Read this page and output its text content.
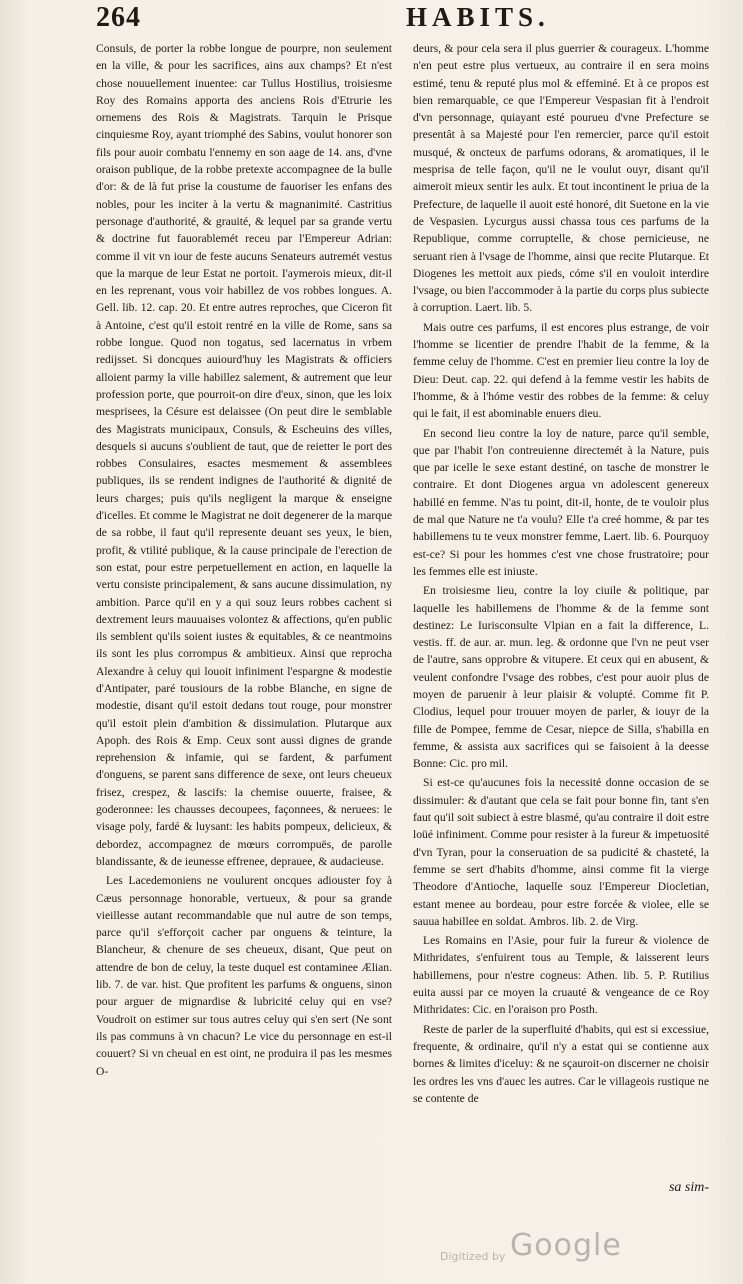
264	HABITS.

Consuls, de porter la robbe longue de pourpre, non seulement en la ville, & pour les sacrifices, ains aux champs? Et n'est chose nouuellement inuentee: car Tullus Hostilius, troisiesme Roy des Romains apporta des anciens Rois d'Etrurie les ornemens des Rois & Magistrats. Tarquin le Prisque cinquiesme Roy, ayant triomphé des Sabins, voulut honorer son fils pour auoir combatu l'ennemy en son aage de 14. ans, d'vne oraison publique, de la robbe pretexte accompagnee de la bulle d'or: & de là fut prise la coustume de fauoriser les enfans des nobles, pour les inciter à la vertu & magnanimité. Castritius personage d'authorité, & grauité, & lequel par sa grande vertu & doctrine fut fauorablemét receu par l'Empereur Adrian: comme il vit vn iour de feste aucuns Senateurs autremét vestus que la marque de leur Estat ne portoit. I'aymerois mieux, dit-il en les reprenant, vous voir habillez de vos robbes longues. A. Gell. lib. 12. cap. 20. Et entre autres reproches, que Ciceron fit à Antoine, c'est qu'il estoit rentré en la ville de Rome, sans sa robbe longue. Quod non togatus, sed lacernatus in vrbem redijsset. Si doncques auiourd'huy les Magistrats & officiers alloient parmy la ville habillez salement, & autrement que leur profession porte, que pourroit-on dire d'eux, sinon, que les loix mesprisees, la Césure est delaissee (On peut dire le semblable des Magistrats municipaux, Consuls, & Escheuins des villes, desquels si aucuns s'oublient de taut, que de reietter le port des robbes Consulaires, esactes mesmement & assemblees publiques, ils se rendent indignes de l'authorité & dignité de leurs charges; puis qu'ils negligent la marque & enseigne d'icelles. Et comme le Magistrat ne doit degenerer de la marque de sa robbe, il faut qu'il represente deuant ses yeux, le bien, profit, & vtilité publique, & la cause principale de l'erection de son estat, pour estre perpetuellement en action, en laquelle la vertu consiste principalement, & sans aucune dissimulation, ny ambition. Parce qu'il en y a qui souz leurs robbes cachent si dextrement leurs mauuaises volontez & affections, qu'en public ils semblent qu'ils soient iustes & equitables, & ce neantmoins ils sont les plus corrompus & ambitieux. Ainsi que reprocha Alexandre à celuy qui louoit infiniment l'espargne & modestie d'Antipater, paré tousiours de la robbe Blanche, en signe de modestie, disant qu'il estoit dedans tout rouge, pour monstrer qu'il estoit plein d'ambition & dissimulation. Plutarque aux Apoph. des Rois & Emp. Ceux sont aussi dignes de grande reprehension & infamie, qui se fardent, & parfument d'onguens, se parent sans difference de sexe, ont leurs cheueux frisez, crespez, & lascifs: la chemise ouuerte, fraisee, & goderonnee: les chausses decoupees, façonnees, & neruees: le visage poly, fardé & luysant: les habits pompeux, delicieux, & debordez, accompagnez de mœurs corrompuës, de parolle blandissante, & de ieunesse effrenee, deprauee, & audacieuse.

Les Lacedemoniens ne voulurent oncques adiouster foy à Cæus personnage honorable, vertueux, & pour sa grande vieillesse autant recommandable que nul autre de son temps, parce qu'il s'efforçoit cacher par onguens & teinture, la Blancheur, & chenure de ses cheueux, disant, Que peut on attendre de bon de celuy, la teste duquel est contaminee Ælian. lib. 7. de var. hist. Que profitent les parfums & onguens, sinon pour arguer de mignardise & lubricité celuy qui en vse? Voudroit on estimer sur tous autres celuy qui s'en sert (Ne sont ils pas communs à vn chacun? Le vice du personnage en est-il couuert? Si vn cheual en est oint, ne produira il pas les mesmes O-

deurs, & pour cela sera il plus guerrier & courageux. L'homme n'en peut estre plus vertueux, au contraire il en sera moins estimé, tenu & reputé plus mol & effeminé. Et à ce propos est bien remarquable, ce que l'Empereur Vespasian fit à l'endroit d'vn personnage, quiayant esté pourueu d'vne Prefecture se presentât à sa Majesté pour l'en remercier, parce qu'il estoit musqué, & oncteux de parfums odorans, & aromatiques, il le mesprisa de telle façon, qu'il ne le voulut ouyr, disant qu'il aimeroit mieux sentir les aulx. Et tout incontinent le priua de la Prefecture, de laquelle il auoit esté honoré, dit Suetone en la vie de Vespasien. Lycurgus aussi chassa tous ces parfums de la Republique, comme corruptelle, & chose pernicieuse, ne seruant rien à l'vsage de l'homme, ainsi que recite Plutarque. Et Diogenes les mettoit aux pieds, cóme s'il en vouloit interdire l'vsage, ou bien l'accommoder à la partie du corps plus subiecte à corruption. Laert. lib. 5.

Mais outre ces parfums, il est encores plus estrange, de voir l'homme se licentier de prendre l'habit de la femme, & la femme celuy de l'homme. C'est en premier lieu contre la loy de Dieu: Deut. cap. 22. qui defend à la femme vestir les habits de l'homme, & à l'hóme vestir des robbes de la femme: & celuy qui le fait, il est abominable enuers dieu.

En second lieu contre la loy de nature, parce qu'il semble, que par l'habit l'on contreuienne directemét à la Nature, puis que par icelle le sexe estant destiné, on tasche de monstrer le contraire. Et dont Diogenes argua vn adolescent genereux habillé en femme. N'as tu point, dit-il, honte, de te vouloir plus de mal que Nature ne t'a voulu? Elle t'a creé homme, & par tes habillemens tu te veux monstrer femme, Laert. lib. 6. Pourquoy est-ce? Si pour les hommes c'est vne chose frustratoire; pour les femmes elle est iniuste.

En troisiesme lieu, contre la loy ciuile & politique, par laquelle les habillemens de l'homme & de la femme sont destinez: Le Iurisconsulte Vlpian en a fait la difference, L. vestis. ff. de aur. ar. mun. leg. & ordonne que l'vn ne peut vser de l'autre, sans opprobre & vitupere. Et ceux qui en abusent, & veulent confondre l'vsage des robbes, c'est pour auoir plus de moyen de paruenir à leur plaisir & volupté. Comme fit P. Clodius, lequel pour trouuer moyen de parler, & iouyr de la fille de Pompee, femme de Cesar, niepce de Silla, s'habilla en femme, & assista aux sacrifices qui se faisoient à la deesse Bonne: Cic. pro mil.

Si est-ce qu'aucunes fois la necessité donne occasion de se dissimuler: & d'autant que cela se fait pour bonne fin, tant s'en faut qu'il soit subiect à estre blasmé, qu'au contraire il doit estre loüé infiniment. Comme pour resister à la fureur & impetuosité d'vn Tyran, pour la conseruation de sa pudicité & chasteté, la femme se sert d'habits d'homme, ainsi comme fit la vierge Theodore d'Antioche, laquelle souz l'Empereur Diocletian, estant menee au bordeau, pour estre forcée & violee, elle se sauua habillee en soldat. Ambros. lib. 2. de Virg.

Les Romains en l'Asie, pour fuir la fureur & violence de Mithridates, s'enfuirent tous au Temple, & laisserent leurs habillemens, pour n'estre cogneus: Athen. lib. 5. P. Rutilius euita aussi par ce moyen la cruauté & vengeance de ce Roy Mithridates: Cic. en l'oraison pro Posth.

Reste de parler de la superfluité d'habits, qui est si excessiue, frequente, & ordinaire, qu'il n'y a estat qui se contienne aux bornes & limites d'iceluy: & ne sçauroit-on discerner ne choisir les ordres les vns d'auec les autres. Car le villageois rustique ne se contente de

sa sim-
Digitized by Google
